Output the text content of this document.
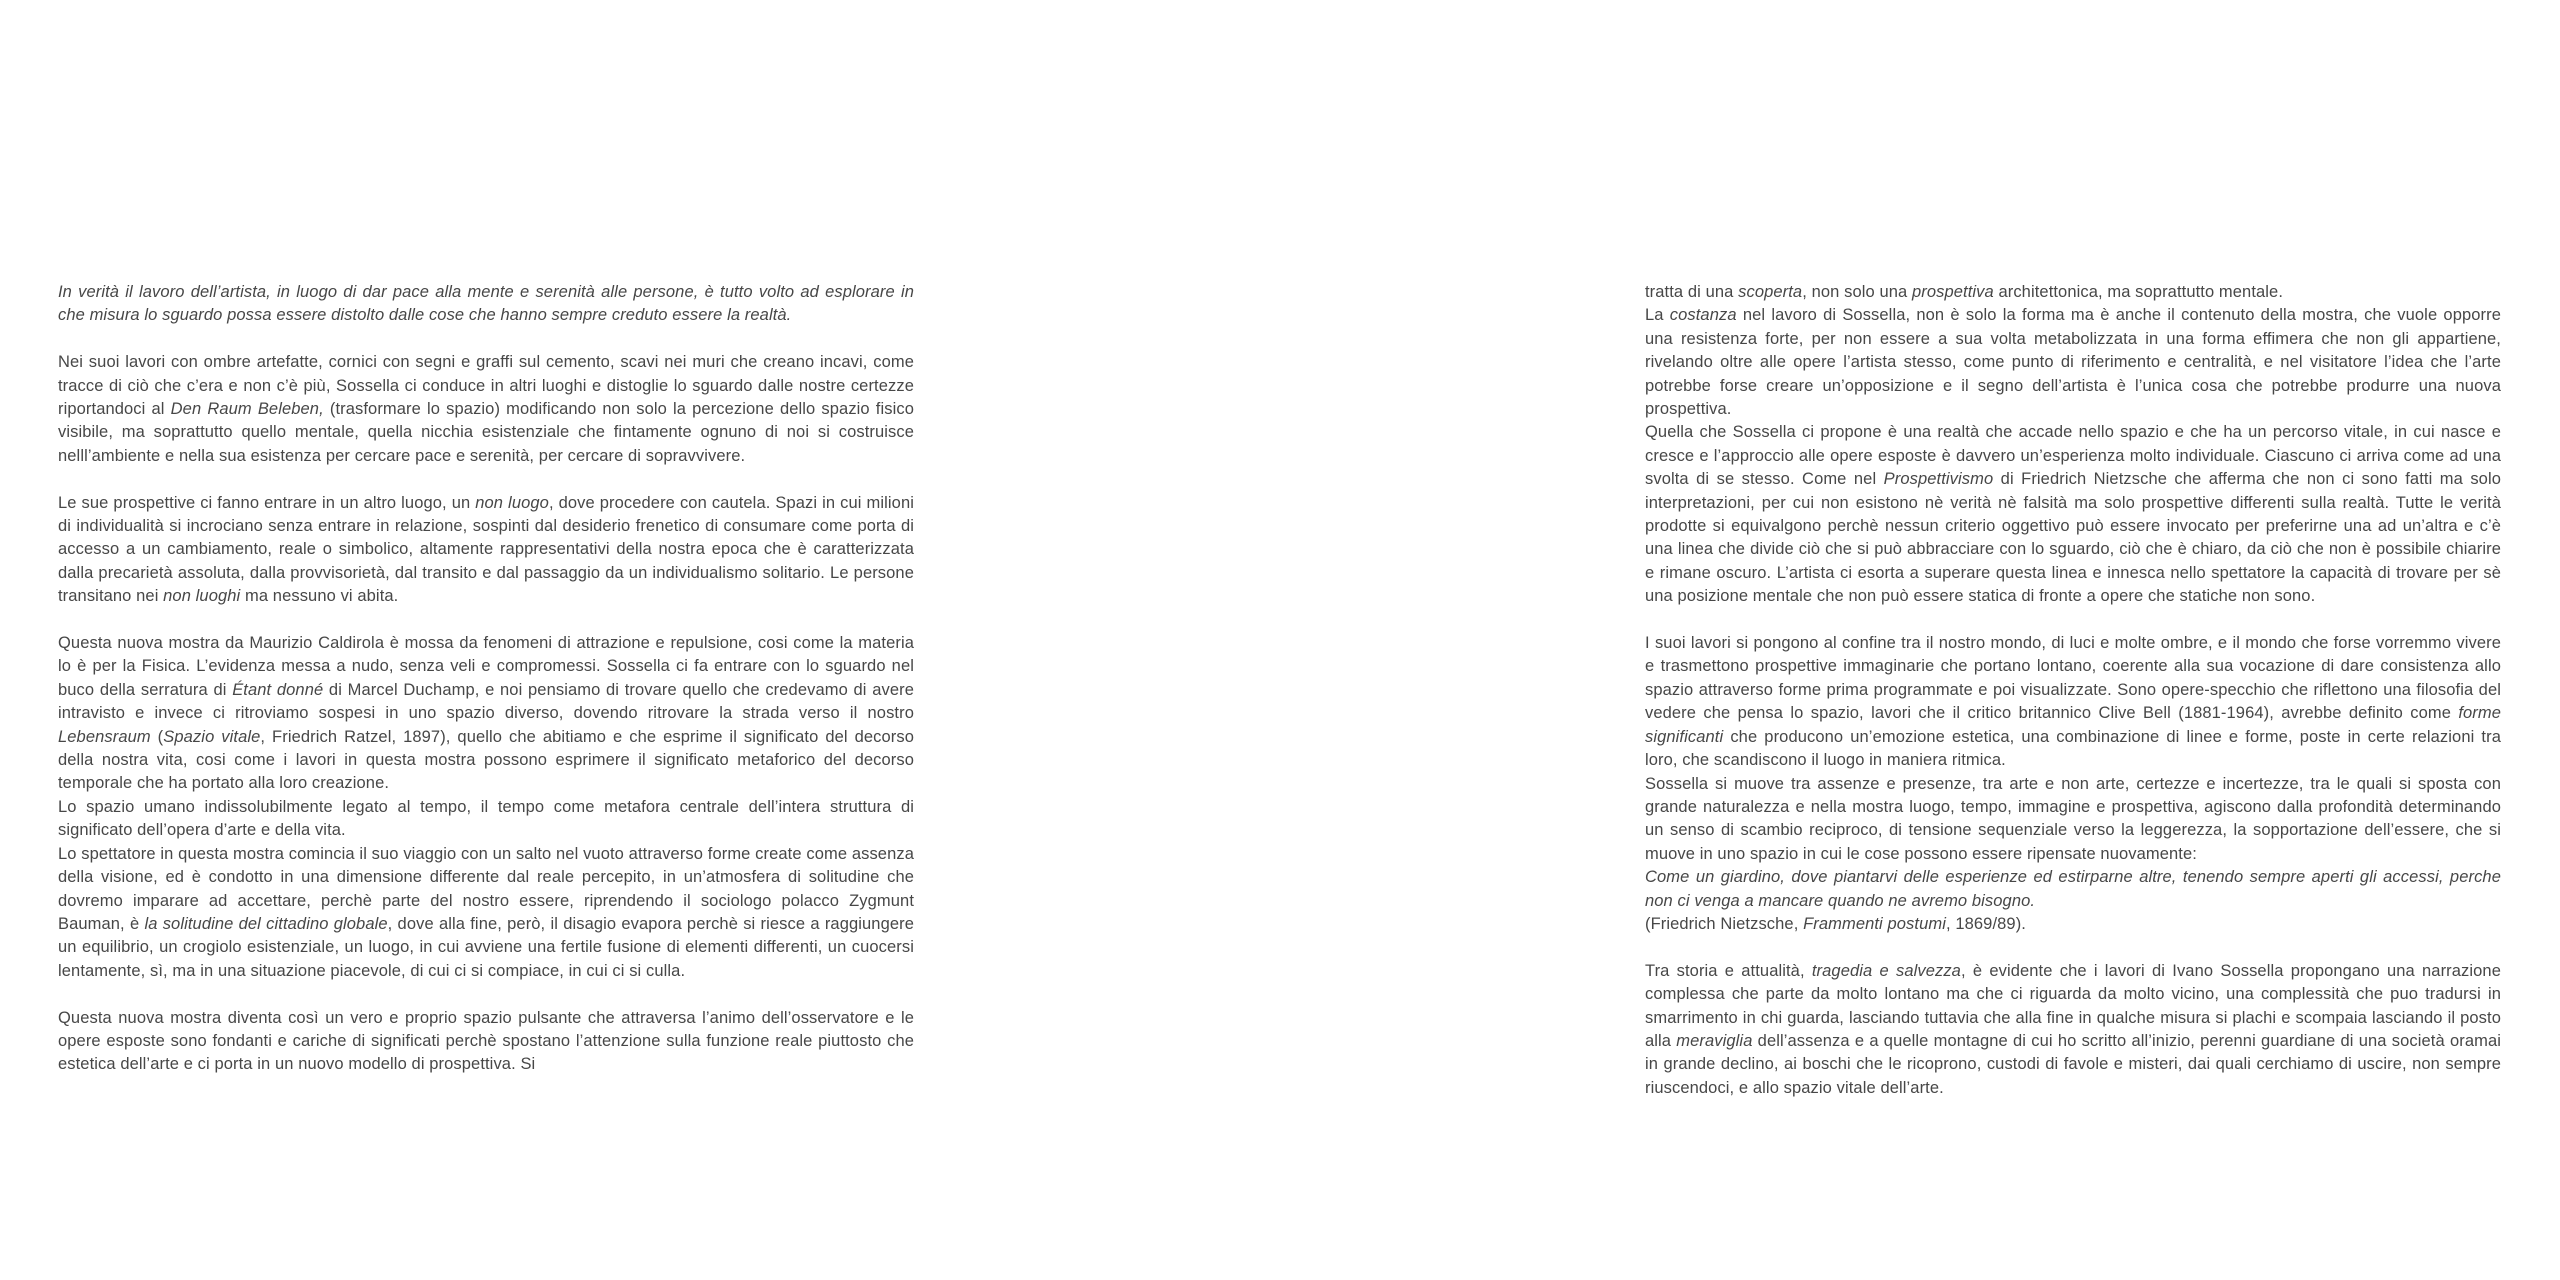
In verità il lavoro dell’artista, in luogo di dar pace alla mente e serenità alle persone, è tutto volto ad esplorare in che misura lo sguardo possa essere distolto dalle cose che hanno sempre creduto essere la realtà.

Nei suoi lavori con ombre artefatte, cornici con segni e graffi sul cemento, scavi nei muri che creano incavi, come tracce di ciò che c’era e non c’è più, Sossella ci conduce in altri luoghi e distoglie lo sguardo dalle nostre certezze riportandoci al Den Raum Beleben, (trasformare lo spazio) modificando non solo la percezione dello spazio fisico visibile, ma soprattutto quello mentale, quella nicchia esistenziale che fintamente ognuno di noi si costruisce nelll’ambiente e nella sua esistenza per cercare pace e serenità, per cercare di sopravvivere.

Le sue prospettive ci fanno entrare in un altro luogo, un non luogo, dove procedere con cautela. Spazi in cui milioni di individualità si incrociano senza entrare in relazione, sospinti dal desiderio frenetico di consumare come porta di accesso a un cambiamento, reale o simbolico, altamente rappresentativi della nostra epoca che è caratterizzata dalla precarietà assoluta, dalla provvisorietà, dal transito e dal passaggio da un individualismo solitario. Le persone transitano nei non luoghi ma nessuno vi abita.

Questa nuova mostra da Maurizio Caldirola è mossa da fenomeni di attrazione e repulsione, cosi come la materia lo è per la Fisica. L’evidenza messa a nudo, senza veli e compromessi. Sossella ci fa entrare con lo sguardo nel buco della serratura di Étant donné di Marcel Duchamp, e noi pensiamo di trovare quello che credevamo di avere intravisto e invece ci ritroviamo sospesi in uno spazio diverso, dovendo ritrovare la strada verso il nostro Lebensraum (Spazio vitale, Friedrich Ratzel, 1897), quello che abitiamo e che esprime il significato del decorso della nostra vita, cosi come i lavori in questa mostra possono esprimere il significato metaforico del decorso temporale che ha portato alla loro creazione.

Lo spazio umano indissolubilmente legato al tempo, il tempo come metafora centrale dell’intera struttura di significato dell’opera d’arte e della vita.

Lo spettatore in questa mostra comincia il suo viaggio con un salto nel vuoto attraverso forme create come assenza della visione, ed è condotto in una dimensione differente dal reale percepito, in un’atmosfera di solitudine che dovremo imparare ad accettare, perchè parte del nostro essere, riprendendo il sociologo polacco Zygmunt Bauman, è la solitudine del cittadino globale, dove alla fine, però, il disagio evapora perchè si riesce a raggiungere un equilibrio, un crogiolo esistenziale, un luogo, in cui avviene una fertile fusione di elementi differenti, un cuocersi lentamente, sì, ma in una situazione piacevole, di cui ci si compiace, in cui ci si culla.

Questa nuova mostra diventa così un vero e proprio spazio pulsante che attraversa l’animo dell’osservatore e le opere esposte sono fondanti e cariche di significati perchè spostano l’attenzione sulla funzione reale piuttosto che estetica dell’arte e ci porta in un nuovo modello di prospettiva. Si

tratta di una scoperta, non solo una prospettiva architettonica, ma soprattutto mentale.

La costanza nel lavoro di Sossella, non è solo la forma ma è anche il contenuto della mostra, che vuole opporre una resistenza forte, per non essere a sua volta metabolizzata in una forma effimera che non gli appartiene, rivelando oltre alle opere l’artista stesso, come punto di riferimento e centralità, e nel visitatore l’idea che l’arte potrebbe forse creare un’opposizione e il segno dell’artista è l’unica cosa che potrebbe produrre una nuova prospettiva.

Quella che Sossella ci propone è una realtà che accade nello spazio e che ha un percorso vitale, in cui nasce e cresce e l’approccio alle opere esposte è davvero un’esperienza molto individuale. Ciascuno ci arriva come ad una svolta di se stesso. Come nel Prospettivismo di Friedrich Nietzsche che afferma che non ci sono fatti ma solo interpretazioni, per cui non esistono nè verità nè falsità ma solo prospettive differenti sulla realtà. Tutte le verità prodotte si equivalgono perchè nessun criterio oggettivo può essere invocato per preferirne una ad un’altra e c’è una linea che divide ciò che si può abbracciare con lo sguardo, ciò che è chiaro, da ciò che non è possibile chiarire e rimane oscuro. L’artista ci esorta a superare questa linea e innesca nello spettatore la capacità di trovare per sè una posizione mentale che non può essere statica di fronte a opere che statiche non sono.

I suoi lavori si pongono al confine tra il nostro mondo, di luci e molte ombre, e il mondo che forse vorremmo vivere e trasmettono prospettive immaginarie che portano lontano, coerente alla sua vocazione di dare consistenza allo spazio attraverso forme prima programmate e poi visualizzate. Sono opere-specchio che riflettono una filosofia del vedere che pensa lo spazio, lavori che il critico britannico Clive Bell (1881-1964), avrebbe definito come forme significanti che producono un’emozione estetica, una combinazione di linee e forme, poste in certe relazioni tra loro, che scandiscono il luogo in maniera ritmica.

Sossella si muove tra assenze e presenze, tra arte e non arte, certezze e incertezze, tra le quali si sposta con grande naturalezza e nella mostra luogo, tempo, immagine e prospettiva, agiscono dalla profondità determinando un senso di scambio reciproco, di tensione sequenziale verso la leggerezza, la sopportazione dell’essere, che si muove in uno spazio in cui le cose possono essere ripensate nuovamente:

Come un giardino, dove piantarvi delle esperienze ed estirparne altre, tenendo sempre aperti gli accessi, perche non ci venga a mancare quando ne avremo bisogno.

(Friedrich Nietzsche, Frammenti postumi, 1869/89).

Tra storia e attualità, tragedia e salvezza, è evidente che i lavori di Ivano Sossella propongano una narrazione complessa che parte da molto lontano ma che ci riguarda da molto vicino, una complessità che puo tradursi in smarrimento in chi guarda, lasciando tuttavia che alla fine in qualche misura si plachi e scompaia lasciando il posto alla meraviglia dell’assenza e a quelle montagne di cui ho scritto all’inizio, perenni guardiane di una società oramai in grande declino, ai boschi che le ricoprono, custodi di favole e misteri, dai quali cerchiamo di uscire, non sempre riuscendoci, e allo spazio vitale dell’arte.
